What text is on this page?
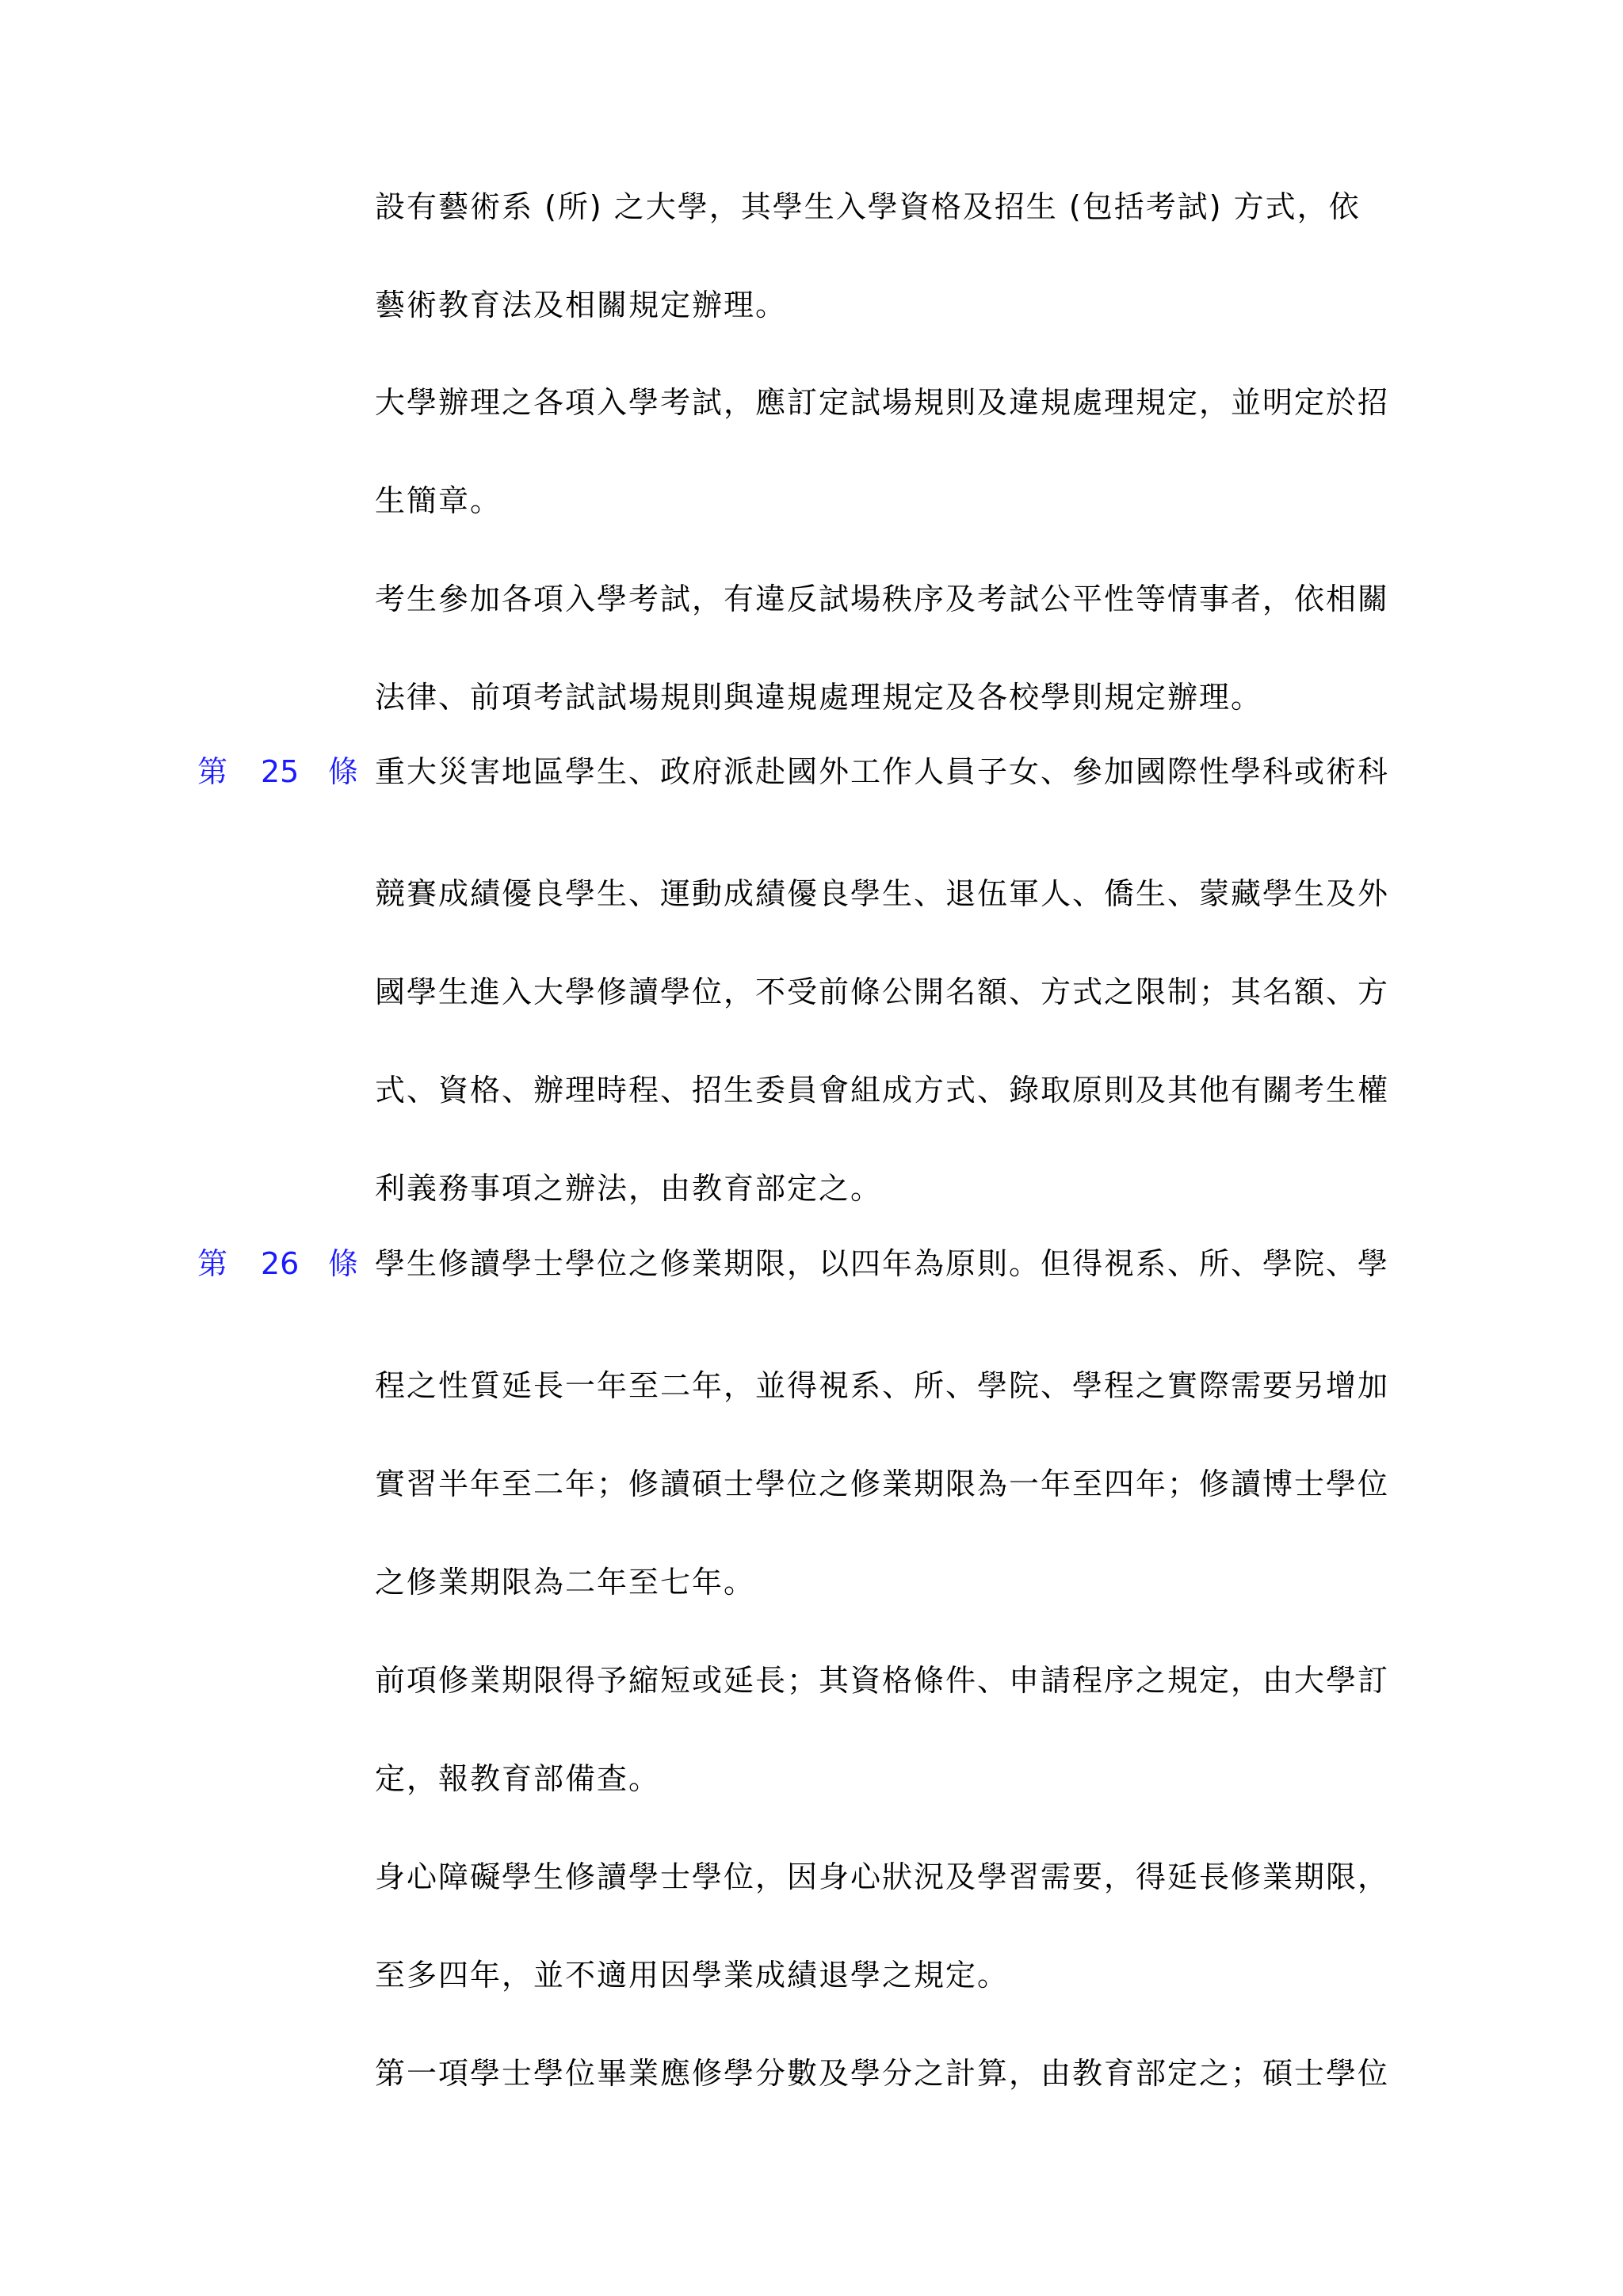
設有藝術系 (所) 之大學，其學生入學資格及招生 (包括考試) 方式，依

藝術教育法及相關規定辦理。

大學辦理之各項入學考試，應訂定試場規則及違規處理規定，並明定於招

生簡章。

考生參加各項入學考試，有違反試場秩序及考試公平性等情事者，依相關

法律、前項考試試場規則與違規處理規定及各校學則規定辦理。

第 25 條 重大災害地區學生、政府派赴國外工作人員子女、參加國際性學科或術科

競賽成績優良學生、運動成績優良學生、退伍軍人、僑生、蒙藏學生及外

國學生進入大學修讀學位，不受前條公開名額、方式之限制；其名額、方

式、資格、辦理時程、招生委員會組成方式、錄取原則及其他有關考生權

利義務事項之辦法，由教育部定之。

第 26 條 學生修讀學士學位之修業期限，以四年為原則。但得視系、所、學院、學

程之性質延長一年至二年，並得視系、所、學院、學程之實際需要另增加

實習半年至二年；修讀碩士學位之修業期限為一年至四年；修讀博士學位

之修業期限為二年至七年。

前項修業期限得予縮短或延長；其資格條件、申請程序之規定，由大學訂

定，報教育部備查。

身心障礙學生修讀學士學位，因身心狀況及學習需要，得延長修業期限，

至多四年，並不適用因學業成績退學之規定。

第一項學士學位畢業應修學分數及學分之計算，由教育部定之；碩士學位
